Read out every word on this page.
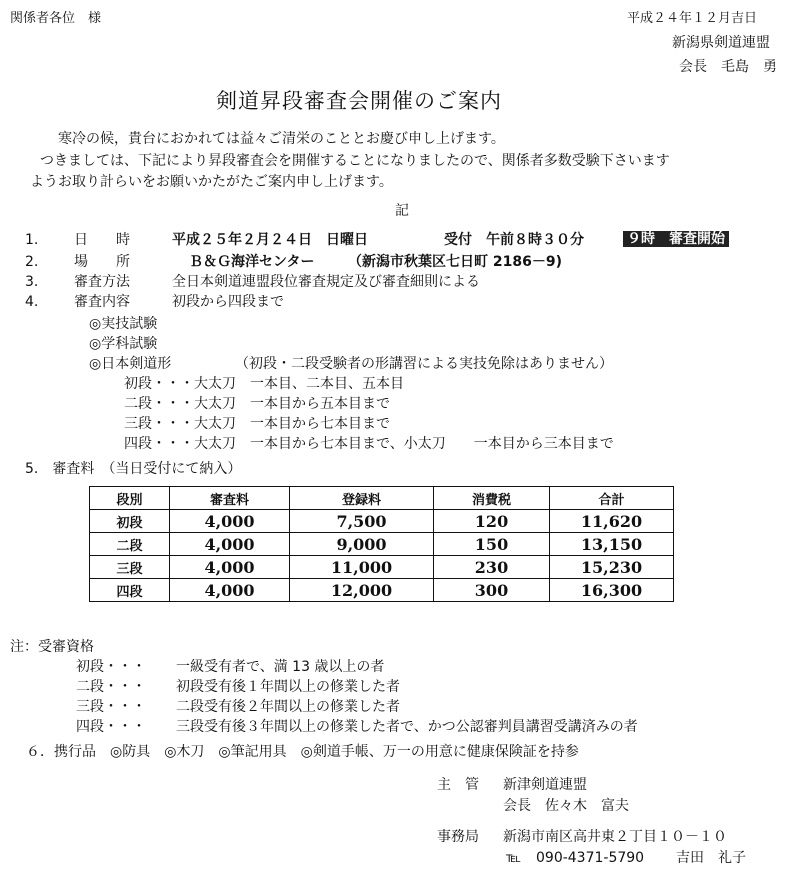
関係者各位　様	平成２４年１２月吉日
新潟県剣道連盟
会長　毛島　勇
剣道昇段審査会開催のご案内
寒冷の候，貴台におかれては益々ご清栄のこととお慶び申し上げます。
つきましては、下記により昇段審査会を開催することになりましたので、関係者多数受験下さいます
ようお取り計らいをお願いかたがたご案内申し上げます。
記
1.	日　　時	平成２５年２月２４日　日曜日	受付　午前８時３０分	９時　審査開始
2.	場　　所	Ｂ＆Ｇ海洋センター （新潟市秋葉区七日町 2186－9)
3.	審査方法	全日本剣道連盟段位審査規定及び審査細則による
4.	審査内容	初段から四段まで
◎実技試験
◎学科試験
◎日本剣道形	（初段・二段受験者の形講習による実技免除はありません）
初段・・・大太刀　一本目、二本目、五本目
二段・・・大太刀　一本目から五本目まで
三段・・・大太刀　一本目から七本目まで
四段・・・大太刀　一本目から七本目まで、小太刀　　一本目から三本目まで
5.　審査料　（当日受付にて納入）
段別	審査料	登録料	消費税	合計
初段	4,000	7,500	120	11,620
二段	4,000	9,000	150	13,150
三段	4,000	11,000	230	15,230
四段	4,000	12,000	300	16,300
注：受審資格
初段・・・ 一級受有者で、満 13 歳以上の者
二段・・・ 初段受有後１年間以上の修業した者
三段・・・ 二段受有後２年間以上の修業した者
四段・・・ 三段受有後３年間以上の修業した者で、かつ公認審判員講習受講済みの者
６．携行品　◎防具　◎木刀　◎筆記用具　◎剣道手帳、万一の用意に健康保険証を持参
主　管 新津剣道連盟
会長　佐々木　富夫
事務局 新潟市南区高井東２丁目１０－１０
℡ 090-4371-5790 吉田　礼子
